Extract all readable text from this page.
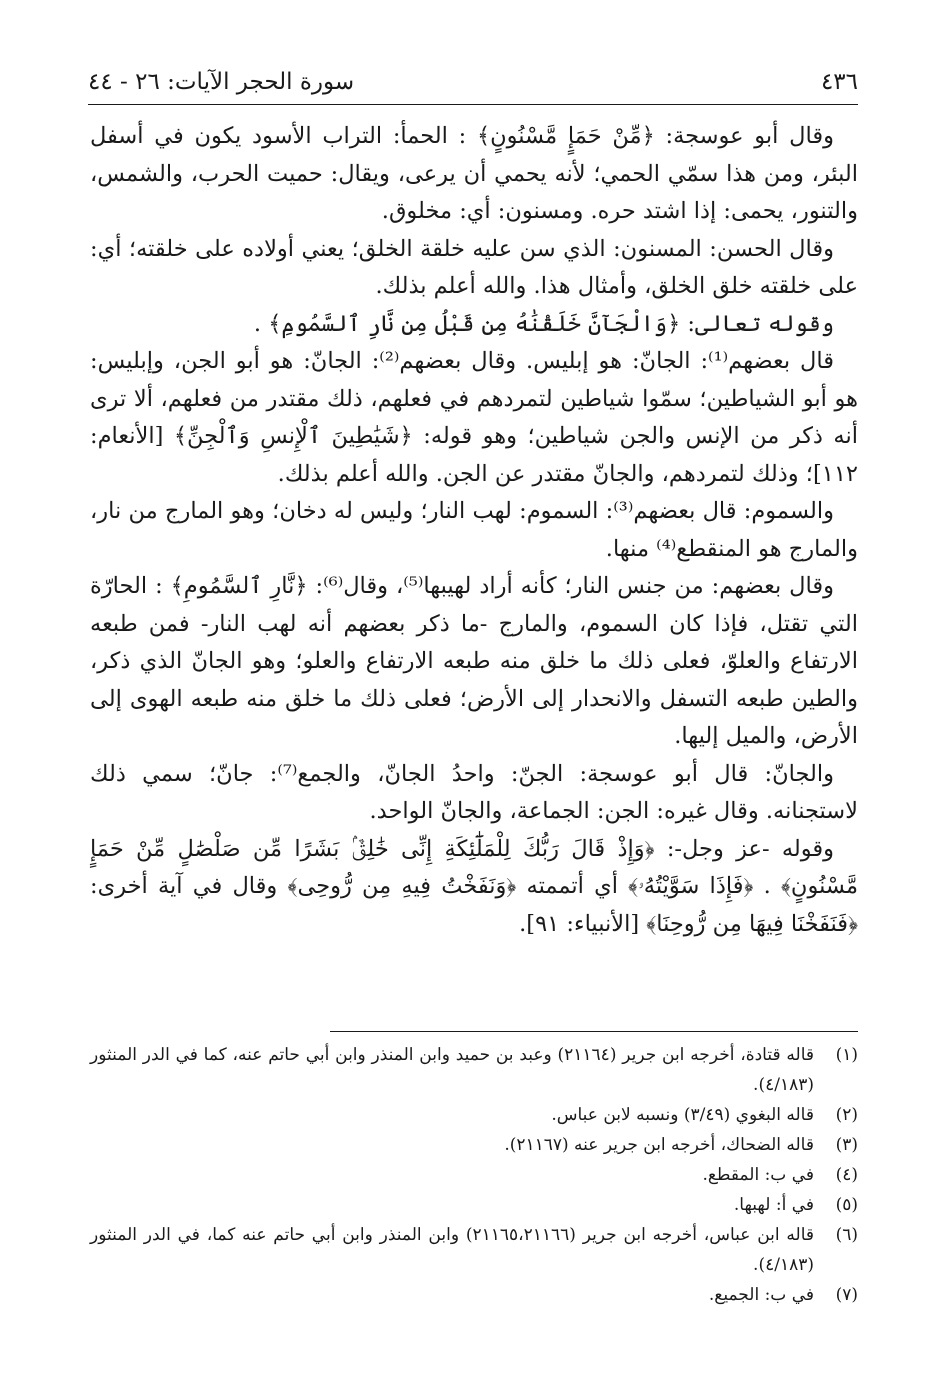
٤٣٦
سورة الحجر الآيات: ٢٦ - ٤٤

وقال أبو عوسجة: ﴿مِّنْ حَمَإٍ مَّسْنُونٍ﴾ : الحمأ: التراب الأسود يكون في أسفل البئر، ومن هذا سمّي الحمي؛ لأنه يحمي أن يرعى، ويقال: حميت الحرب، والشمس، والتنور، يحمى: إذا اشتد حره. ومسنون: أي: مخلوق.

وقال الحسن: المسنون: الذي سن عليه خلقة الخلق؛ يعني أولاده على خلقته؛ أي: على خلقته خلق الخلق، وأمثال هذا. والله أعلم بذلك.

وقوله تعالى: ﴿وَالْجَآنَّ خَلَقْنَٰهُ مِن قَبْلُ مِن نَّارِ ٱلسَّمُومِ﴾ .

قال بعضهم⁽¹⁾: الجانّ: هو إبليس. وقال بعضهم⁽²⁾: الجانّ: هو أبو الجن، وإبليس: هو أبو الشياطين؛ سمّوا شياطين لتمردهم في فعلهم، ذلك مقتدر من فعلهم، ألا ترى أنه ذكر من الإنس والجن شياطين؛ وهو قوله: ﴿شَيَٰطِينَ ٱلْإِنسِ وَٱلْجِنِّ﴾ [الأنعام: ١١٢]؛ وذلك لتمردهم، والجانّ مقتدر عن الجن. والله أعلم بذلك.

والسموم: قال بعضهم⁽³⁾: السموم: لهب النار؛ وليس له دخان؛ وهو المارج من نار، والمارج هو المنقطع⁽⁴⁾ منها.

وقال بعضهم: من جنس النار؛ كأنه أراد لهيبها⁽⁵⁾، وقال⁽⁶⁾: ﴿نَّارِ ٱلسَّمُومِ﴾ : الحارّة التي تقتل، فإذا كان السموم، والمارج -ما ذكر بعضهم أنه لهب النار- فمن طبعه الارتفاع والعلوّ، فعلى ذلك ما خلق منه طبعه الارتفاع والعلو؛ وهو الجانّ الذي ذكر، والطين طبعه التسفل والانحدار إلى الأرض؛ فعلى ذلك ما خلق منه طبعه الهوى إلى الأرض، والميل إليها.

والجانّ: قال أبو عوسجة: الجنّ: واحدُ الجانّ، والجمع⁽⁷⁾: جانّ؛ سمي ذلك لاستجنانه. وقال غيره: الجن: الجماعة، والجانّ الواحد.

وقوله -عز وجل-: ﴿وَإِذْ قَالَ رَبُّكَ لِلْمَلَٰٓئِكَةِ إِنِّى خَٰلِقٌۢ بَشَرًا مِّن صَلْصَٰلٍ مِّنْ حَمَإٍ مَّسْنُونٍ﴾ . ﴿فَإِذَا سَوَّيْتُهُۥ﴾ أي أتممته ﴿وَنَفَخْتُ فِيهِ مِن رُّوحِى﴾ وقال في آية أخرى: ﴿فَنَفَخْنَا فِيهَا مِن رُّوحِنَا﴾ [الأنبياء: ٩١].

(١)
قاله قتادة، أخرجه ابن جرير (٢١١٦٤) وعبد بن حميد وابن المنذر وابن أبي حاتم عنه، كما في الدر المنثور (٤/١٨٣).
(٢)
قاله البغوي (٣/٤٩) ونسبه لابن عباس.
(٣)
قاله الضحاك، أخرجه ابن جرير عنه (٢١١٦٧).
(٤)
في ب: المقطع.
(٥)
في أ: لهبها.
(٦)
قاله ابن عباس، أخرجه ابن جرير (٢١١٦٥،٢١١٦٦) وابن المنذر وابن أبي حاتم عنه كما، في الدر المنثور (٤/١٨٣).
(٧)
في ب: الجميع.
